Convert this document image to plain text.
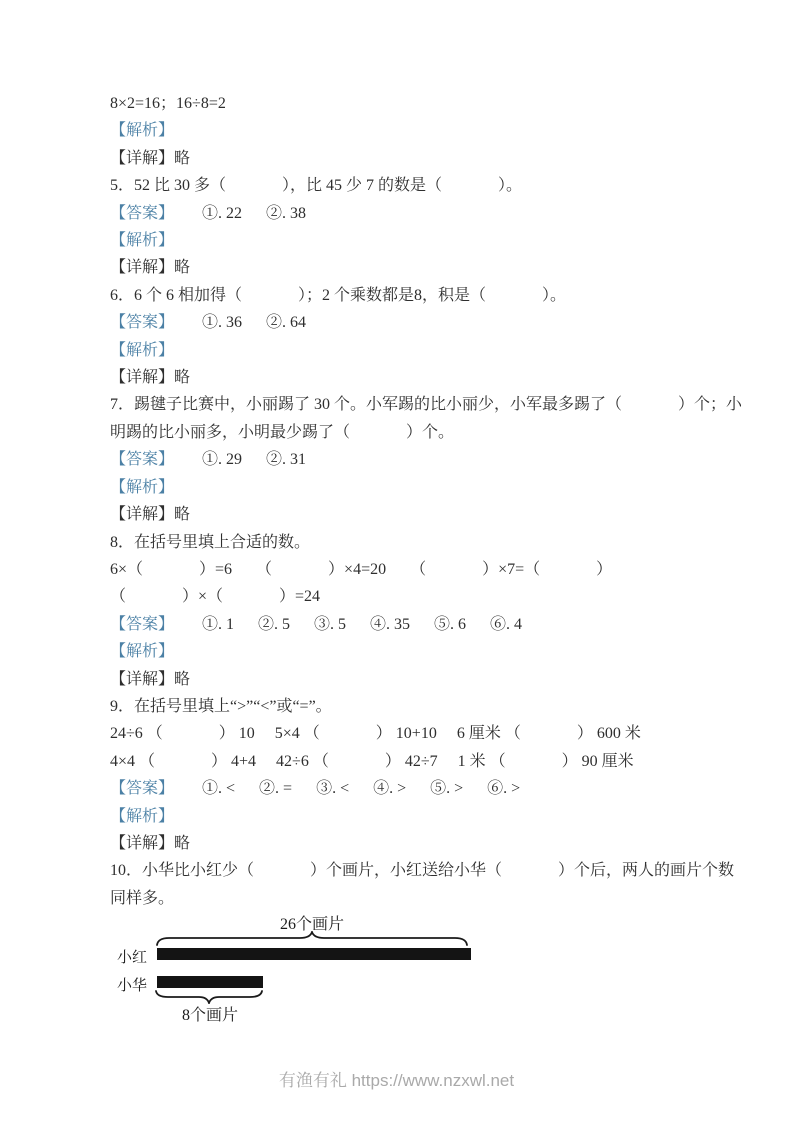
8×2=16；16÷8=2
【解析】
【详解】略
5．52 比 30 多（              ），比 45 少 7 的数是（              ）。
【答案】       ①. 22      ②. 38
【解析】
【详解】略
6．6 个 6 相加得（              ）；2 个乘数都是8，积是（              ）。
【答案】       ①. 36      ②. 64
【解析】
【详解】略
7．踢毽子比赛中，小丽踢了 30 个。小军踢的比小丽少，小军最多踢了（              ）个；小
明踢的比小丽多，小明最少踢了（              ）个。
【答案】       ①. 29      ②. 31
【解析】
【详解】略
8．在括号里填上合适的数。
6×（              ）=6      （              ）×4=20      （              ）×7=（              ）
（              ）×（              ）=24
【答案】       ①. 1      ②. 5      ③. 5      ④. 35      ⑤. 6      ⑥. 4
【解析】
【详解】略
9．在括号里填上“>”“<”或“=”。
24÷6 （              ） 10     5×4 （              ） 10+10     6 厘米 （              ） 600 米
4×4 （              ） 4+4     42÷6 （              ） 42÷7     1 米 （              ） 90 厘米
【答案】       ①. <      ②. =      ③. <      ④. >      ⑤. >      ⑥. >
【解析】
【详解】略
10．小华比小红少（              ）个画片，小红送给小华（              ）个后，两人的画片个数
同样多。
26个画片
小红
小华
8个画片
有渔有礼 https://www.nzxwl.net
